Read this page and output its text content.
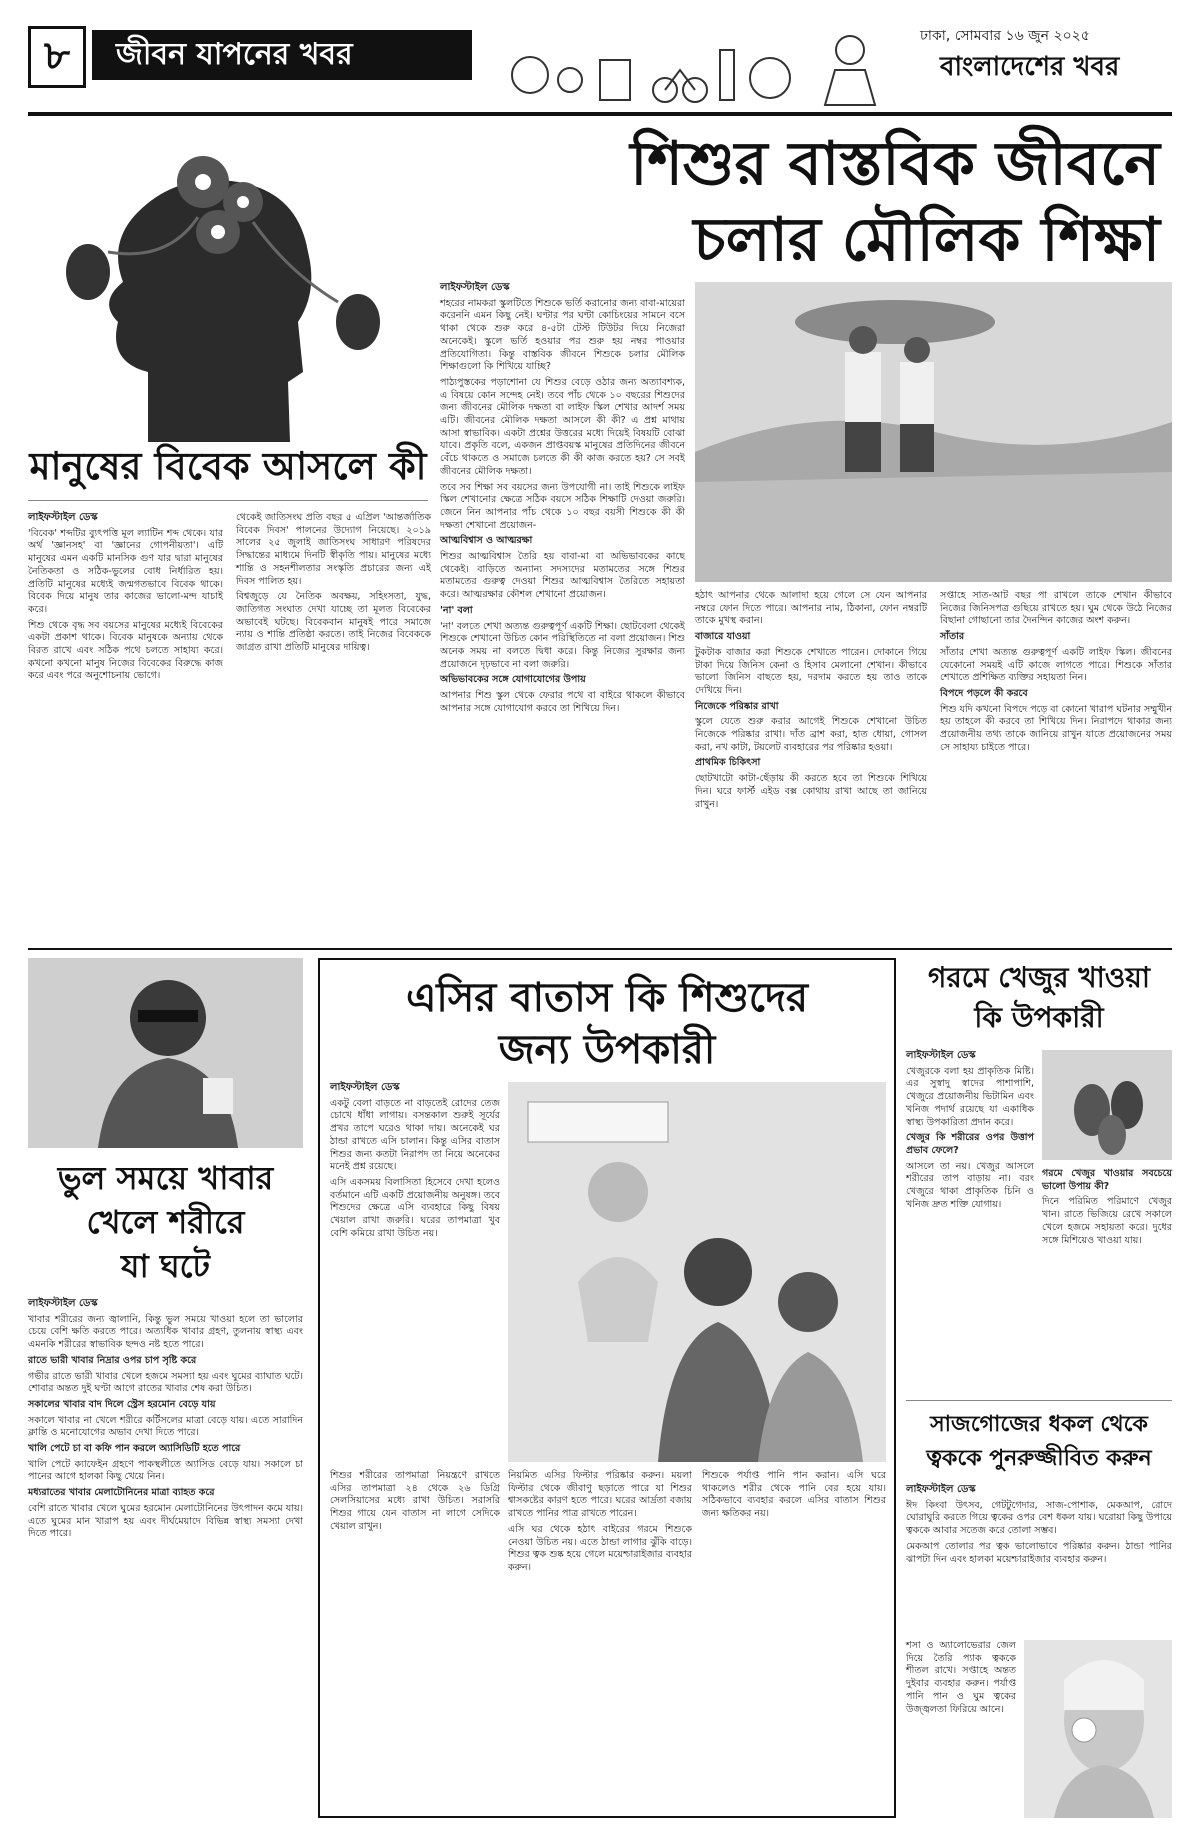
৮	জীবন যাপনের খবর
ঢাকা, সোমবার ১৬ জুন ২০২৫
বাংলাদেশের খবর
মানুষের বিবেক আসলে কী

লাইফস্টাইল ডেস্ক

'বিবেক' শব্দটির ব্যুৎপত্তি মূল ল্যাটিন শব্দ থেকে। যার অর্থ 'জ্ঞানসহ' বা 'জ্ঞানের গোপনীয়তা'। এটি মানুষের এমন একটি মানসিক গুণ যার দ্বারা মানুষের নৈতিকতা ও সঠিক-ভুলের বোধ নির্ধারিত হয়। প্রতিটি মানুষের মধ্যেই জন্মগতভাবে বিবেক থাকে। বিবেক দিয়ে মানুষ তার কাজের ভালো-মন্দ যাচাই করে।

শিশু থেকে বৃদ্ধ সব বয়সের মানুষের মধ্যেই বিবেকের একটা প্রকাশ থাকে। বিবেক মানুষকে অন্যায় থেকে বিরত রাখে এবং সঠিক পথে চলতে সাহায্য করে। কখনো কখনো মানুষ নিজের বিবেকের বিরুদ্ধে কাজ করে এবং পরে অনুশোচনায় ভোগে।

থেকেই জাতিসংঘ প্রতি বছর ৫ এপ্রিল 'আন্তর্জাতিক বিবেক দিবস' পালনের উদ্যোগ নিয়েছে। ২০১৯ সালের ২৫ জুলাই জাতিসংঘ সাধারণ পরিষদের সিদ্ধান্তের মাধ্যমে দিনটি স্বীকৃতি পায়। মানুষের মধ্যে শান্তি ও সহনশীলতার সংস্কৃতি প্রচারের জন্য এই দিবস পালিত হয়।

বিশ্বজুড়ে যে নৈতিক অবক্ষয়, সহিংসতা, যুদ্ধ, জাতিগত সংঘাত দেখা যাচ্ছে তা মূলত বিবেকের অভাবেই ঘটছে। বিবেকবান মানুষই পারে সমাজে ন্যায় ও শান্তি প্রতিষ্ঠা করতে। তাই নিজের বিবেককে জাগ্রত রাখা প্রতিটি মানুষের দায়িত্ব।

শিশুর বাস্তবিক জীবনে
চলার মৌলিক শিক্ষা

লাইফস্টাইল ডেস্ক

শহরের নামকরা স্কুলটিতে শিশুকে ভর্তি করানোর জন্য বাবা-মায়েরা করেননি এমন কিছু নেই। ঘণ্টার পর ঘণ্টা কোচিংয়ের সামনে বসে থাকা থেকে শুরু করে ৪-৫টা টেস্ট টিউটর দিয়ে নিজেরা অনেকেই। স্কুলে ভর্তি হওয়ার পর শুরু হয় নম্বর পাওয়ার প্রতিযোগিতা। কিন্তু বাস্তবিক জীবনে শিশুকে চলার মৌলিক শিক্ষাগুলো কি শিখিয়ে যাচ্ছি?

পাঠ্যপুস্তকের পড়াশোনা যে শিশুর বেড়ে ওঠার জন্য অত্যাবশ্যক, এ বিষয়ে কোন সন্দেহ নেই। তবে পাঁচ থেকে ১০ বছরের শিশুদের জন্য জীবনের মৌলিক দক্ষতা বা লাইফ স্কিল শেখার আদর্শ সময় এটি। জীবনের মৌলিক দক্ষতা আসলে কী কী? এ প্রশ্ন মাথায় আসা স্বাভাবিক। একটা প্রশ্নের উত্তরের মধ্যে দিয়েই বিষয়টি বোঝা যাবে। প্রকৃতি বলে, একজন প্রাপ্তবয়স্ক মানুষের প্রতিদিনের জীবনে বেঁচে থাকতে ও সমাজে চলতে কী কী কাজ করতে হয়? সে সবই জীবনের মৌলিক দক্ষতা।

তবে সব শিক্ষা সব বয়সের জন্য উপযোগী না। তাই শিশুকে লাইফ স্কিল শেখানোর ক্ষেত্রে সঠিক বয়সে সঠিক শিক্ষাটি দেওয়া জরুরি। জেনে নিন আপনার পাঁচ থেকে ১০ বছর বয়সী শিশুকে কী কী দক্ষতা শেখানো প্রয়োজন-

আত্মবিশ্বাস ও আত্মরক্ষা

শিশুর আত্মবিশ্বাস তৈরি হয় বাবা-মা বা অভিভাবকের কাছে থেকেই। বাড়িতে অন্যান্য সদস্যদের মতামতের সঙ্গে শিশুর মতামতের গুরুত্ব দেওয়া শিশুর আত্মবিশ্বাস তৈরিতে সহায়তা করে। আত্মরক্ষার কৌশল শেখানো প্রয়োজন।

'না' বলা

'না' বলতে শেখা অত্যন্ত গুরুত্বপূর্ণ একটি শিক্ষা। ছোটবেলা থেকেই শিশুকে শেখানো উচিত কোন পরিস্থিতিতে না বলা প্রয়োজন। শিশু অনেক সময় না বলতে দ্বিধা করে। কিন্তু নিজের সুরক্ষার জন্য প্রয়োজনে দৃঢ়ভাবে না বলা জরুরি।

অভিভাবকের সঙ্গে যোগাযোগের উপায়

আপনার শিশু স্কুল থেকে ফেরার পথে বা বাইরে থাকলে কীভাবে আপনার সঙ্গে যোগাযোগ করবে তা শিখিয়ে দিন।

হঠাৎ আপনার থেকে আলাদা হয়ে গেলে সে যেন আপনার নম্বরে ফোন দিতে পারে। আপনার নাম, ঠিকানা, ফোন নম্বরটি তাকে মুখস্থ করান।

বাজারে যাওয়া

টুকটাক বাজার করা শিশুকে শেখাতে পারেন। দোকানে গিয়ে টাকা দিয়ে জিনিস কেনা ও হিসাব মেলানো শেখান। কীভাবে ভালো জিনিস বাছতে হয়, দরদাম করতে হয় তাও তাকে দেখিয়ে দিন।

নিজেকে পরিষ্কার রাখা

স্কুলে যেতে শুরু করার আগেই শিশুকে শেখানো উচিত নিজেকে পরিষ্কার রাখা। দাঁত ব্রাশ করা, হাত ধোয়া, গোসল করা, নখ কাটা, টয়লেট ব্যবহারের পর পরিষ্কার হওয়া।

প্রাথমিক চিকিৎসা

ছোটখাটো কাটা-ছেঁড়ায় কী করতে হবে তা শিশুকে শিখিয়ে দিন। ঘরে ফার্স্ট এইড বক্স কোথায় রাখা আছে তা জানিয়ে রাখুন।

সপ্তাহে সাত-আট বছর পা রাখলে তাকে শেখান কীভাবে নিজের জিনিসপত্র গুছিয়ে রাখতে হয়। ঘুম থেকে উঠে নিজের বিছানা গোছানো তার দৈনন্দিন কাজের অংশ করুন।

সাঁতার

সাঁতার শেখা অত্যন্ত গুরুত্বপূর্ণ একটি লাইফ স্কিল। জীবনের যেকোনো সময়ই এটি কাজে লাগতে পারে। শিশুকে সাঁতার শেখাতে প্রশিক্ষিত ব্যক্তির সহায়তা নিন।

বিপদে পড়লে কী করবে

শিশু যদি কখনো বিপদে পড়ে বা কোনো খারাপ ঘটনার সম্মুখীন হয় তাহলে কী করবে তা শিখিয়ে দিন। নিরাপদে থাকার জন্য প্রয়োজনীয় তথ্য তাকে জানিয়ে রাখুন যাতে প্রয়োজনের সময় সে সাহায্য চাইতে পারে।

ভুল সময়ে খাবার
খেলে শরীরে
যা ঘটে

লাইফস্টাইল ডেস্ক

খাবার শরীরের জন্য জ্বালানি, কিন্তু ভুল সময়ে খাওয়া হলে তা ভালোর চেয়ে বেশি ক্ষতি করতে পারে। অত্যধিক খাবার গ্রহণ, তুলনায় স্বাস্থ্য এবং এমনকি শরীরের স্বাভাবিক ছন্দও নষ্ট হতে পারে।

রাতে ভারী খাবার নিদ্রার ওপর চাপ সৃষ্টি করে

গভীর রাতে ভারী খাবার খেলে হজমে সমস্যা হয় এবং ঘুমের ব্যাঘাত ঘটে। শোবার অন্তত দুই ঘণ্টা আগে রাতের খাবার শেষ করা উচিত।

সকালের খাবার বাদ দিলে স্ট্রেস হরমোন বেড়ে যায়

সকালে খাবার না খেলে শরীরে কর্টিসলের মাত্রা বেড়ে যায়। এতে সারাদিন ক্লান্তি ও মনোযোগের অভাব দেখা দিতে পারে।

খালি পেটে চা বা কফি পান করলে অ্যাসিডিটি হতে পারে

খালি পেটে ক্যাফেইন গ্রহণে পাকস্থলীতে অ্যাসিড বেড়ে যায়। সকালে চা পানের আগে হালকা কিছু খেয়ে নিন।

মধ্যরাতের খাবার মেলাটোনিনের মাত্রা ব্যাহত করে

বেশি রাতে খাবার খেলে ঘুমের হরমোন মেলাটোনিনের উৎপাদন কমে যায়। এতে ঘুমের মান খারাপ হয় এবং দীর্ঘমেয়াদে বিভিন্ন স্বাস্থ্য সমস্যা দেখা দিতে পারে।

এসির বাতাস কি শিশুদের
জন্য উপকারী

লাইফস্টাইল ডেস্ক

একটু বেলা বাড়তে না বাড়তেই রোদের তেজ চোখে ধাঁধা লাগায়। বসন্তকাল শুরুই সূর্যের প্রখর তাপে ঘরেও থাকা দায়। অনেকেই ঘর ঠান্ডা রাখতে এসি চালান। কিন্তু এসির বাতাস শিশুর জন্য কতটা নিরাপদ তা নিয়ে অনেকের মনেই প্রশ্ন রয়েছে।

এসি একসময় বিলাসিতা হিসেবে দেখা হলেও বর্তমানে এটি একটি প্রয়োজনীয় অনুষঙ্গ। তবে শিশুদের ক্ষেত্রে এসি ব্যবহারে কিছু বিষয় খেয়াল রাখা জরুরি। ঘরের তাপমাত্রা খুব বেশি কমিয়ে রাখা উচিত নয়।

শিশুর শরীরের তাপমাত্রা নিয়ন্ত্রণে রাখতে এসির তাপমাত্রা ২৪ থেকে ২৬ ডিগ্রি সেলসিয়াসের মধ্যে রাখা উচিত। সরাসরি শিশুর গায়ে যেন বাতাস না লাগে সেদিকে খেয়াল রাখুন।

নিয়মিত এসির ফিল্টার পরিষ্কার করুন। ময়লা ফিল্টার থেকে জীবাণু ছড়াতে পারে যা শিশুর শ্বাসকষ্টের কারণ হতে পারে। ঘরের আর্দ্রতা বজায় রাখতে পানির পাত্র রাখতে পারেন।

এসি ঘর থেকে হঠাৎ বাইরের গরমে শিশুকে নেওয়া উচিত নয়। এতে ঠান্ডা লাগার ঝুঁকি বাড়ে। শিশুর ত্বক শুষ্ক হয়ে গেলে ময়েশ্চারাইজার ব্যবহার করুন।

শিশুকে পর্যাপ্ত পানি পান করান। এসি ঘরে থাকলেও শরীর থেকে পানি বের হয়ে যায়। সঠিকভাবে ব্যবহার করলে এসির বাতাস শিশুর জন্য ক্ষতিকর নয়।

গরমে খেজুর খাওয়া
কি উপকারী

লাইফস্টাইল ডেস্ক

খেজুরকে বলা হয় প্রাকৃতিক মিষ্টি। এর সুস্বাদু স্বাদের পাশাপাশি, খেজুরে প্রয়োজনীয় ভিটামিন এবং খনিজ পদার্থ রয়েছে যা একাধিক স্বাস্থ্য উপকারিতা প্রদান করে।

খেজুর কি শরীরের ওপর উত্তাপ প্রভাব ফেলে?

আসলে তা নয়। খেজুর আসলে শরীরের তাপ বাড়ায় না। বরং খেজুরে থাকা প্রাকৃতিক চিনি ও খনিজ দ্রুত শক্তি যোগায়।

গরমে খেজুর খাওয়ার সবচেয়ে ভালো উপায় কী?

দিনে পরিমিত পরিমাণে খেজুর খান। রাতে ভিজিয়ে রেখে সকালে খেলে হজমে সহায়তা করে। দুধের সঙ্গে মিশিয়েও খাওয়া যায়।

সাজগোজের ধকল থেকে
ত্বককে পুনরুজ্জীবিত করুন

লাইফস্টাইল ডেস্ক

ঈদ কিংবা উৎসব, গেটটুগেদার, সাজ-পোশাক, মেকআপ, রোদে ঘোরাঘুরি করতে গিয়ে ত্বকের ওপর বেশ ধকল যায়। ঘরোয়া কিছু উপায়ে ত্বককে আবার সতেজ করে তোলা সম্ভব।

মেকআপ তোলার পর ত্বক ভালোভাবে পরিষ্কার করুন। ঠান্ডা পানির ঝাপটা দিন এবং হালকা ময়েশ্চারাইজার ব্যবহার করুন।

শসা ও অ্যালোভেরার জেল দিয়ে তৈরি প্যাক ত্বককে শীতল রাখে। সপ্তাহে অন্তত দুইবার ব্যবহার করুন। পর্যাপ্ত পানি পান ও ঘুম ত্বকের উজ্জ্বলতা ফিরিয়ে আনে।
